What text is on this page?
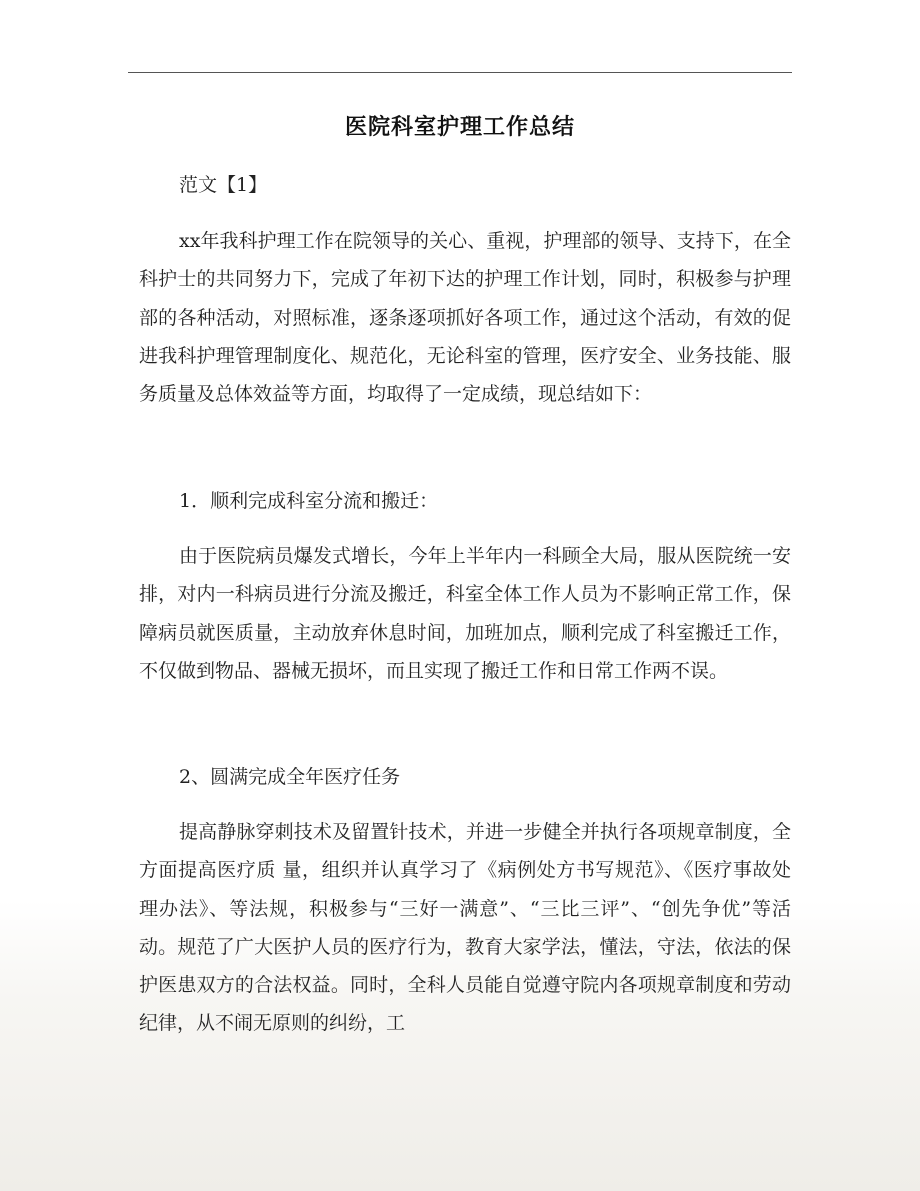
医院科室护理工作总结

范文【1】

xx年我科护理工作在院领导的关心、重视，护理部的领导、支持下，在全科护士的共同努力下，完成了年初下达的护理工作计划，同时，积极参与护理部的各种活动，对照标准，逐条逐项抓好各项工作，通过这个活动，有效的促进我科护理管理制度化、规范化，无论科室的管理，医疗安全、业务技能、服务质量及总体效益等方面，均取得了一定成绩，现总结如下：

1．顺利完成科室分流和搬迁：

由于医院病员爆发式增长，今年上半年内一科顾全大局，服从医院统一安排，对内一科病员进行分流及搬迁，科室全体工作人员为不影响正常工作，保障病员就医质量，主动放弃休息时间，加班加点，顺利完成了科室搬迁工作，不仅做到物品、器械无损坏，而且实现了搬迁工作和日常工作两不误。

2、圆满完成全年医疗任务

提高静脉穿刺技术及留置针技术，并进一步健全并执行各项规章制度，全方面提高医疗质 量，组织并认真学习了《病例处方书写规范》、《医疗事故处理办法》、等法规，积极参与“三好一满意”、“三比三评”、“创先争优”等活动。规范了广大医护人员的医疗行为，教育大家学法，懂法，守法，依法的保护医患双方的合法权益。同时，全科人员能自觉遵守院内各项规章制度和劳动纪律，从不闹无原则的纠纷，工
